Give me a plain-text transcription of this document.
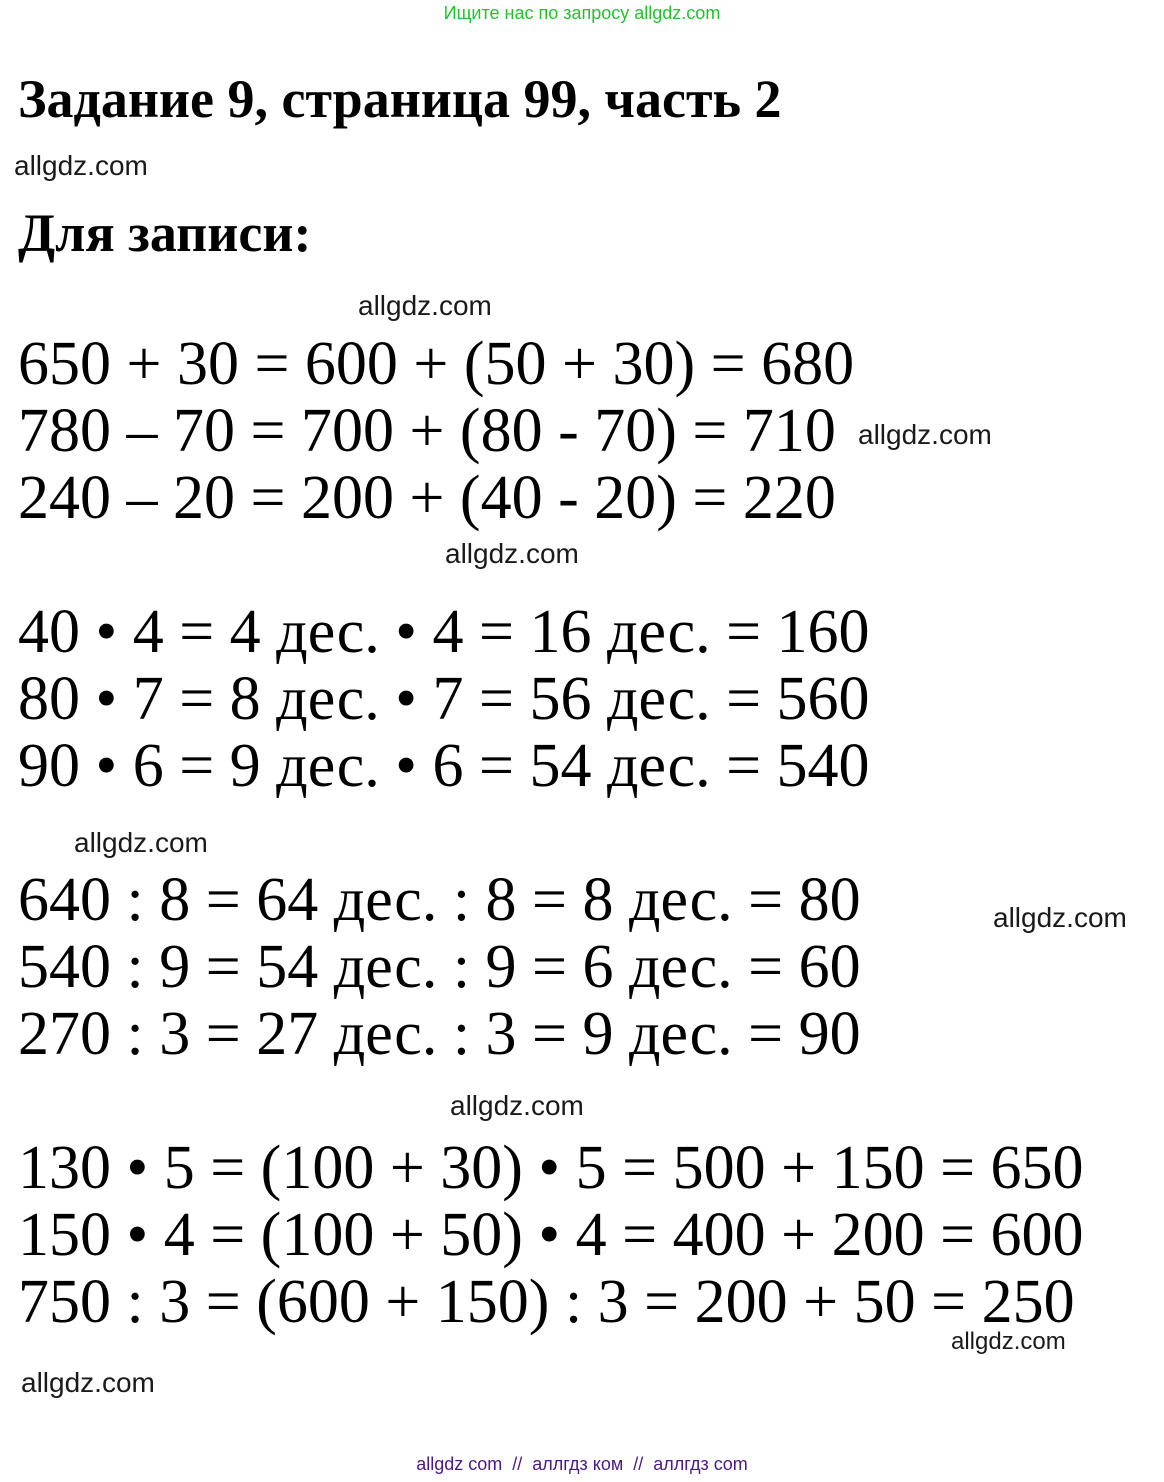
Ищите нас по запросу allgdz.com
Задание 9, страница 99, часть 2
allgdz.com
Для записи:
allgdz.com
650 + 30 = 600 + (50 + 30) = 680
780 – 70 = 700 + (80 - 70) = 710 allgdz.com
240 – 20 = 200 + (40 - 20) = 220
allgdz.com
40 • 4 = 4 дес. • 4 = 16 дес. = 160
80 • 7 = 8 дес. • 7 = 56 дес. = 560
90 • 6 = 9 дес. • 6 = 54 дес. = 540
allgdz.com
640 : 8 = 64 дес. : 8 = 8 дес. = 80	allgdz.com
540 : 9 = 54 дес. : 9 = 6 дес. = 60
270 : 3 = 27 дес. : 3 = 9 дес. = 90
allgdz.com
130 • 5 = (100 + 30) • 5 = 500 + 150 = 650
150 • 4 = (100 + 50) • 4 = 400 + 200 = 600
750 : 3 = (600 + 150) : 3 = 200 + 50 = 250
allgdz.com
allgdz.com
allgdz com  //  аллгдз ком  //  аллгдз com
